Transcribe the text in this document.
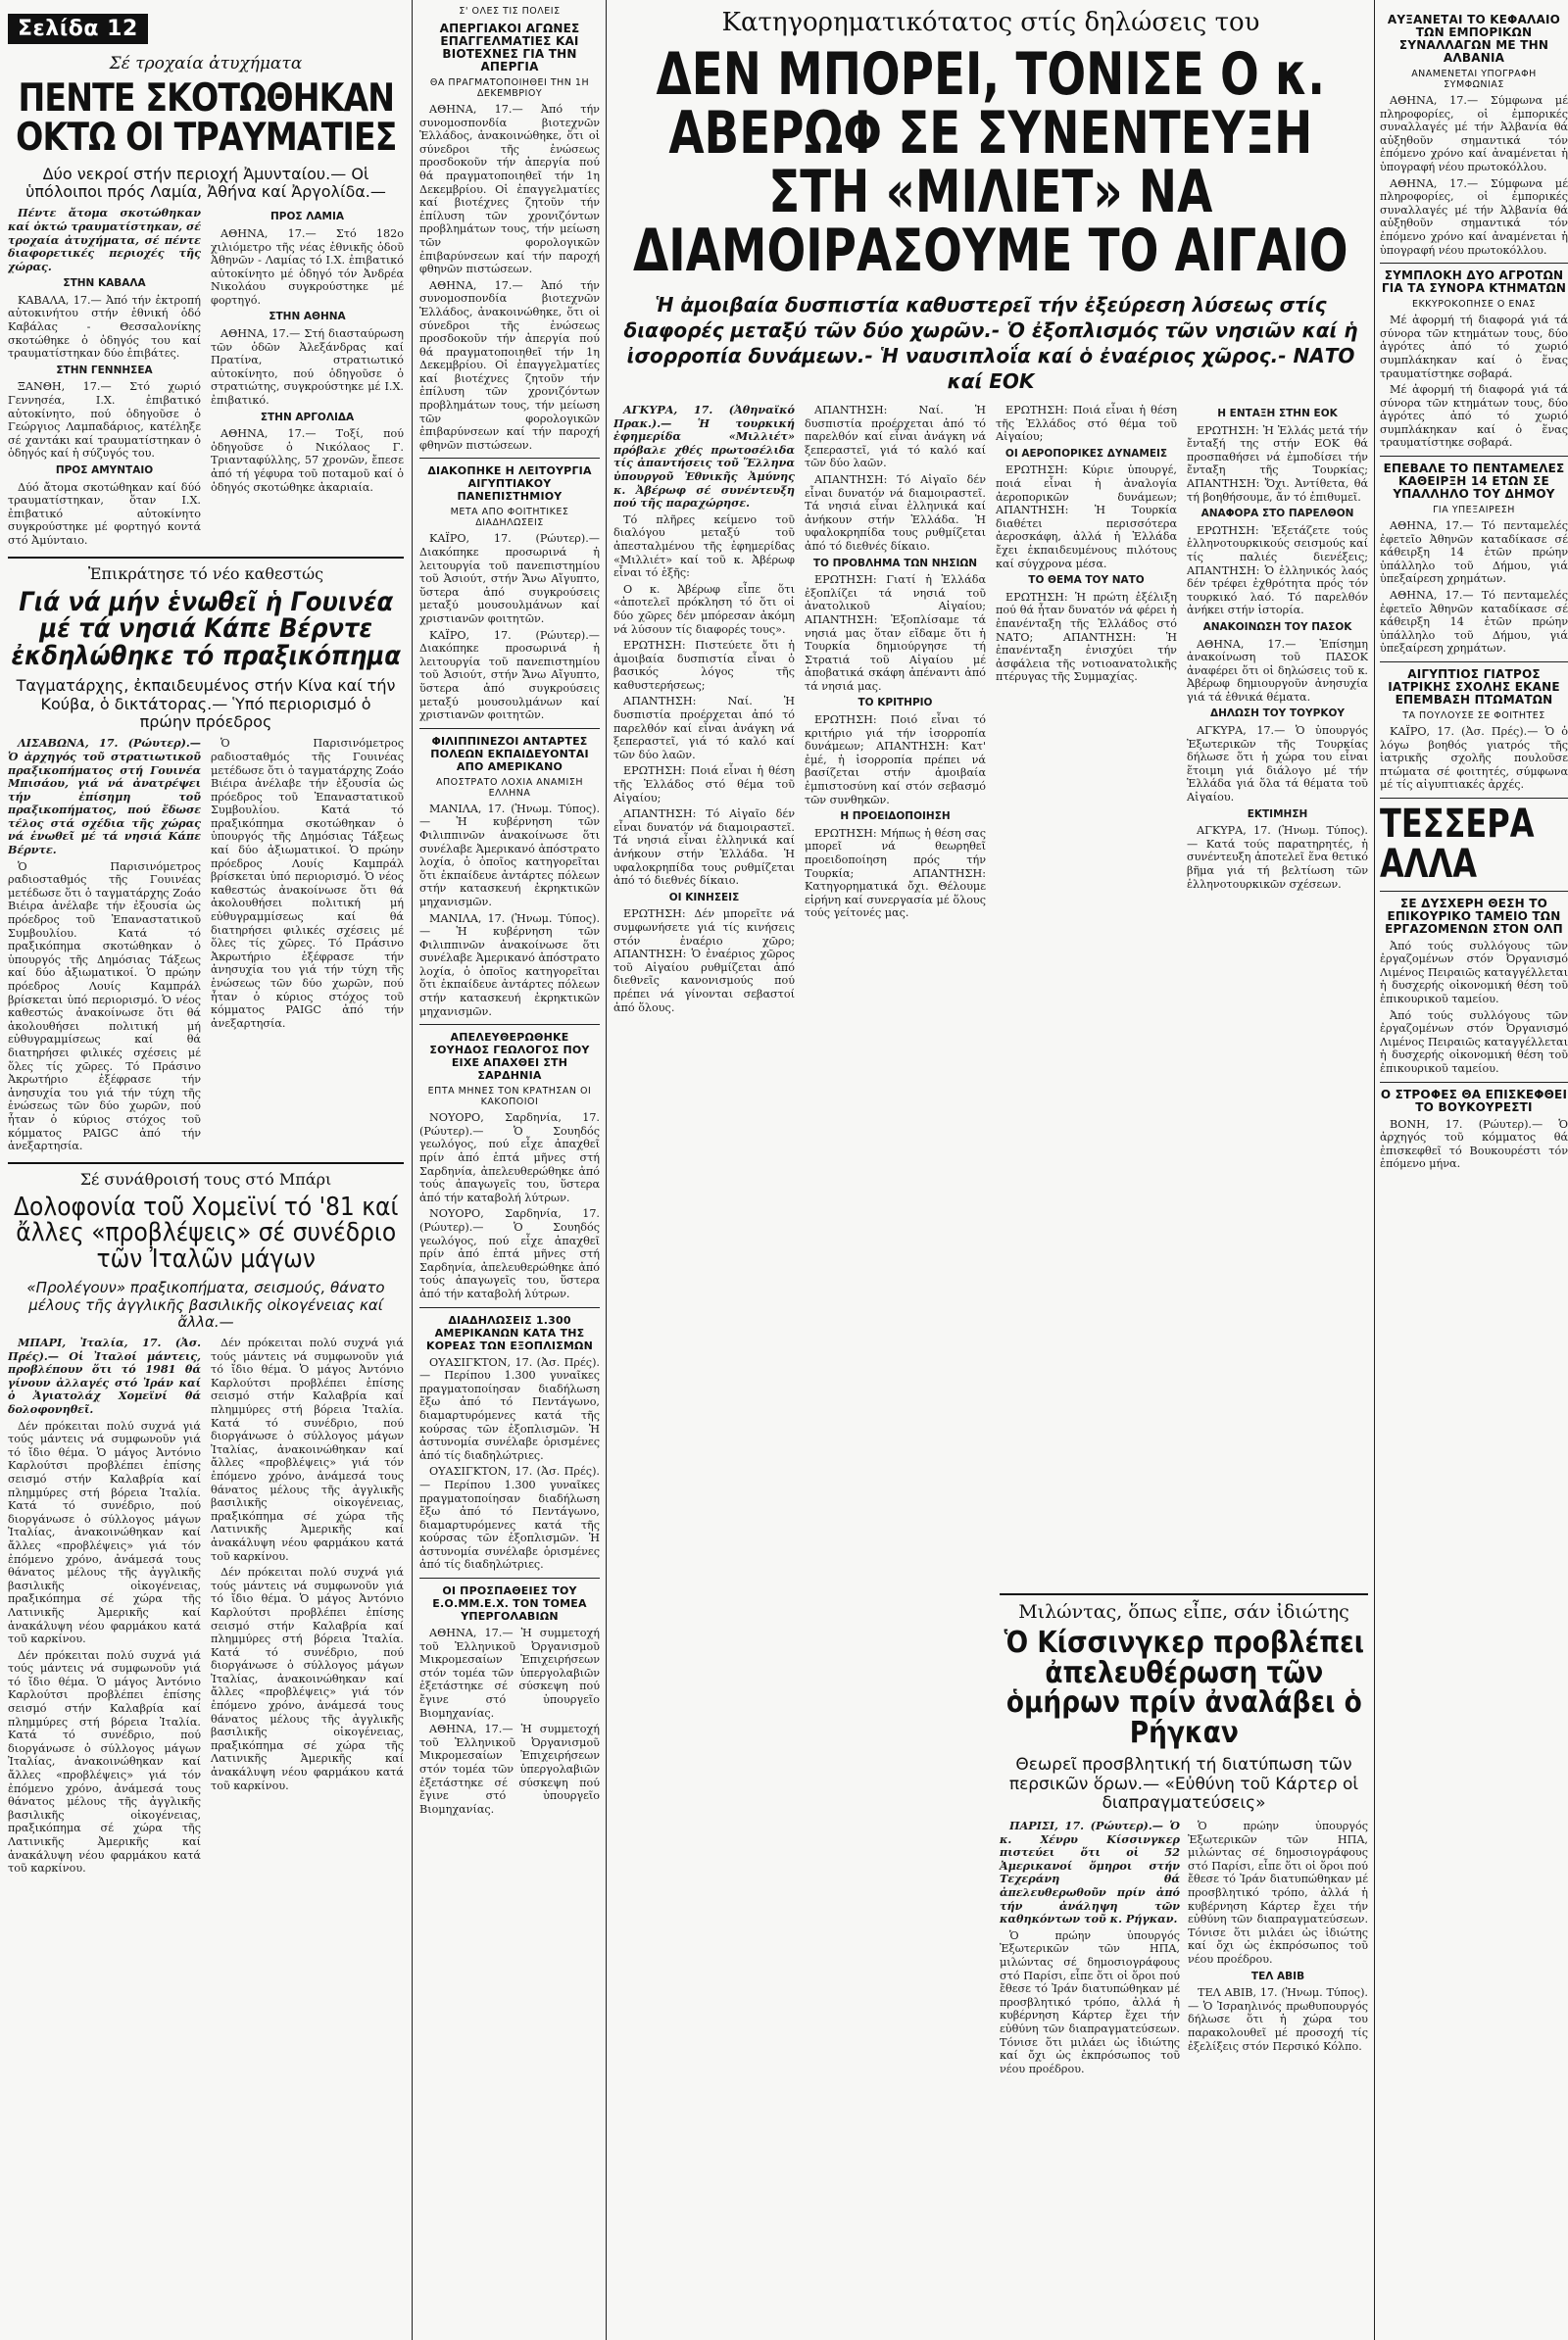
Σελίδα 12
Σέ τροχαία ἀτυχήματα
ΠΕΝΤΕ ΣΚΟΤΩΘΗΚΑΝ ΟΚΤΩ ΟΙ ΤΡΑΥΜΑΤΙΕΣ
Δύο νεκροί στήν περιοχή Ἀμυνταίου.— Οἱ ὑπόλοιποι πρός Λαμία, Ἀθήνα καί Ἀργολίδα.—

Πέντε ἄτομα σκοτώθηκαν καί ὀκτώ τραυματίστηκαν, σέ τροχαία ἀτυχήματα, σέ πέντε διαφορετικές περιοχές τῆς χώρας.

ΣΤΗΝ ΚΑΒΑΛΑ

ΚΑΒΑΛΑ, 17.— Ἀπό τήν ἐκτροπή αὐτοκινήτου στήν ἐθνική ὁδό Καβάλας - Θεσσαλονίκης σκοτώθηκε ὁ ὁδηγός του καί τραυματίστηκαν δύο ἐπιβάτες.

ΣΤΗΝ ΓΕΝΝΗΣΕΑ

ΞΑΝΘΗ, 17.— Στό χωριό Γεννησέα, Ι.Χ. ἐπιβατικό αὐτοκίνητο, πού ὁδηγοῦσε ὁ Γεώργιος Λαμπαδάριος, κατέληξε σέ χαντάκι καί τραυματίστηκαν ὁ ὁδηγός καί ἡ σύζυγός του.

ΠΡΟΣ ΑΜΥΝΤΑΙΟ

Δύό ἄτομα σκοτώθηκαν καί δύό τραυματίστηκαν, ὅταν Ι.Χ. ἐπιβατικό αὐτοκίνητο συγκρούστηκε μέ φορτηγό κοντά στό Ἀμύνταιο.

ΠΡΟΣ ΛΑΜΙΑ

ΑΘΗΝΑ, 17.— Στό 182ο χιλιόμετρο τῆς νέας ἐθνικῆς ὁδοῦ Ἀθηνῶν - Λαμίας τό Ι.Χ. ἐπιβατικό αὐτοκίνητο μέ ὁδηγό τόν Ἀνδρέα Νικολάου συγκρούστηκε μέ φορτηγό.

ΣΤΗΝ ΑΘΗΝΑ

ΑΘΗΝΑ, 17.— Στή διασταύρωση τῶν ὁδῶν Ἀλεξάνδρας καί Πρατίνα, στρατιωτικό αὐτοκίνητο, πού ὁδηγοῦσε ὁ στρατιώτης, συγκρούστηκε μέ Ι.Χ. ἐπιβατικό.

ΣΤΗΝ ΑΡΓΟΛΙΔΑ

ΑΘΗΝΑ, 17.— Τοξί, πού ὁδηγοῦσε ὁ Νικόλαος Γ. Τριανταφύλλης, 57 χρονῶν, ἔπεσε ἀπό τή γέφυρα τοῦ ποταμοῦ καί ὁ ὁδηγός σκοτώθηκε ἀκαριαία.

Ἐπικράτησε τό νέο καθεστώς
Γιά νά μήν ἑνωθεῖ ἡ Γουινέα μέ τά νησιά Κάπε Βέρντε ἐκδηλώθηκε τό πραξικόπημα
Ταγματάρχης, ἐκπαιδευμένος στήν Κίνα καί τήν Κούβα, ὁ δικτάτορας.— Ὑπό περιορισμό ὁ πρώην πρόεδρος

ΛΙΣΑΒΩΝΑ, 17. (Ρώυτερ).— Ὁ ἀρχηγός τοῦ στρατιωτικοῦ πραξικοπήματος στή Γουινέα Μπισάου, γιά νά ἀνατρέψει τήν ἐπίσημη τοῦ πραξικοπήματος, πού ἔδωσε τέλος στά σχέδια τῆς χώρας νά ἑνωθεῖ μέ τά νησιά Κάπε Βέρντε.

Ὁ Παρισινόμετρος ραδιοσταθμός τῆς Γουινέας μετέδωσε ὅτι ὁ ταγματάρχης Ζοάο Βιέιρα ἀνέλαβε τήν ἐξουσία ὡς πρόεδρος τοῦ Ἐπαναστατικοῦ Συμβουλίου. Κατά τό πραξικόπημα σκοτώθηκαν ὁ ὑπουργός τῆς Δημόσιας Τάξεως καί δύο ἀξιωματικοί. Ὁ πρώην πρόεδρος Λουίς Καμπράλ βρίσκεται ὑπό περιορισμό. Ὁ νέος καθεστώς ἀνακοίνωσε ὅτι θά ἀκολουθήσει πολιτική μή εὐθυγραμμίσεως καί θά διατηρήσει φιλικές σχέσεις μέ ὅλες τίς χῶρες. Τό Πράσινο Ἀκρωτήριο ἐξέφρασε τήν ἀνησυχία του γιά τήν τύχη τῆς ἑνώσεως τῶν δύο χωρῶν, πού ἦταν ὁ κύριος στόχος τοῦ κόμματος PAIGC ἀπό τήν ἀνεξαρτησία.

Ὁ Παρισινόμετρος ραδιοσταθμός τῆς Γουινέας μετέδωσε ὅτι ὁ ταγματάρχης Ζοάο Βιέιρα ἀνέλαβε τήν ἐξουσία ὡς πρόεδρος τοῦ Ἐπαναστατικοῦ Συμβουλίου. Κατά τό πραξικόπημα σκοτώθηκαν ὁ ὑπουργός τῆς Δημόσιας Τάξεως καί δύο ἀξιωματικοί. Ὁ πρώην πρόεδρος Λουίς Καμπράλ βρίσκεται ὑπό περιορισμό. Ὁ νέος καθεστώς ἀνακοίνωσε ὅτι θά ἀκολουθήσει πολιτική μή εὐθυγραμμίσεως καί θά διατηρήσει φιλικές σχέσεις μέ ὅλες τίς χῶρες. Τό Πράσινο Ἀκρωτήριο ἐξέφρασε τήν ἀνησυχία του γιά τήν τύχη τῆς ἑνώσεως τῶν δύο χωρῶν, πού ἦταν ὁ κύριος στόχος τοῦ κόμματος PAIGC ἀπό τήν ἀνεξαρτησία.

Σέ συνάθροισή τους στό Μπάρι
Δολοφονία τοῦ Χομεϊνί τό '81 καί ἄλλες «προβλέψεις» σέ συνέδριο τῶν Ἰταλῶν μάγων
«Προλέγουν» πραξικοπήματα, σεισμούς, θάνατο μέλους τῆς ἀγγλικῆς βασιλικῆς οἰκογένειας καί ἄλλα.—

ΜΠΑΡΙ, Ἰταλία, 17. (Ἀσ. Πρές).— Οἱ Ἰταλοί μάντεις, προβλέπουν ὅτι τό 1981 θά γίνουν ἀλλαγές στό Ἰράν καί ὁ Ἀγιατολάχ Χομεϊνί θά δολοφονηθεῖ.

Δέν πρόκειται πολύ συχνά γιά τούς μάντεις νά συμφωνοῦν γιά τό ἴδιο θέμα. Ὁ μάγος Ἀντόνιο Καρλούτσι προβλέπει ἐπίσης σεισμό στήν Καλαβρία καί πλημμύρες στή βόρεια Ἰταλία. Κατά τό συνέδριο, πού διοργάνωσε ὁ σύλλογος μάγων Ἰταλίας, ἀνακοινώθηκαν καί ἄλλες «προβλέψεις» γιά τόν ἐπόμενο χρόνο, ἀνάμεσά τους θάνατος μέλους τῆς ἀγγλικῆς βασιλικῆς οἰκογένειας, πραξικόπημα σέ χώρα τῆς Λατινικῆς Ἀμερικῆς καί ἀνακάλυψη νέου φαρμάκου κατά τοῦ καρκίνου.

Δέν πρόκειται πολύ συχνά γιά τούς μάντεις νά συμφωνοῦν γιά τό ἴδιο θέμα. Ὁ μάγος Ἀντόνιο Καρλούτσι προβλέπει ἐπίσης σεισμό στήν Καλαβρία καί πλημμύρες στή βόρεια Ἰταλία. Κατά τό συνέδριο, πού διοργάνωσε ὁ σύλλογος μάγων Ἰταλίας, ἀνακοινώθηκαν καί ἄλλες «προβλέψεις» γιά τόν ἐπόμενο χρόνο, ἀνάμεσά τους θάνατος μέλους τῆς ἀγγλικῆς βασιλικῆς οἰκογένειας, πραξικόπημα σέ χώρα τῆς Λατινικῆς Ἀμερικῆς καί ἀνακάλυψη νέου φαρμάκου κατά τοῦ καρκίνου.

Δέν πρόκειται πολύ συχνά γιά τούς μάντεις νά συμφωνοῦν γιά τό ἴδιο θέμα. Ὁ μάγος Ἀντόνιο Καρλούτσι προβλέπει ἐπίσης σεισμό στήν Καλαβρία καί πλημμύρες στή βόρεια Ἰταλία. Κατά τό συνέδριο, πού διοργάνωσε ὁ σύλλογος μάγων Ἰταλίας, ἀνακοινώθηκαν καί ἄλλες «προβλέψεις» γιά τόν ἐπόμενο χρόνο, ἀνάμεσά τους θάνατος μέλους τῆς ἀγγλικῆς βασιλικῆς οἰκογένειας, πραξικόπημα σέ χώρα τῆς Λατινικῆς Ἀμερικῆς καί ἀνακάλυψη νέου φαρμάκου κατά τοῦ καρκίνου.

Δέν πρόκειται πολύ συχνά γιά τούς μάντεις νά συμφωνοῦν γιά τό ἴδιο θέμα. Ὁ μάγος Ἀντόνιο Καρλούτσι προβλέπει ἐπίσης σεισμό στήν Καλαβρία καί πλημμύρες στή βόρεια Ἰταλία. Κατά τό συνέδριο, πού διοργάνωσε ὁ σύλλογος μάγων Ἰταλίας, ἀνακοινώθηκαν καί ἄλλες «προβλέψεις» γιά τόν ἐπόμενο χρόνο, ἀνάμεσά τους θάνατος μέλους τῆς ἀγγλικῆς βασιλικῆς οἰκογένειας, πραξικόπημα σέ χώρα τῆς Λατινικῆς Ἀμερικῆς καί ἀνακάλυψη νέου φαρμάκου κατά τοῦ καρκίνου.

Σ' ΟΛΕΣ ΤΙΣ ΠΟΛΕΙΣ
ΑΠΕΡΓΙΑΚΟΙ ΑΓΩΝΕΣ ΕΠΑΓΓΕΛΜΑΤΙΕΣ ΚΑΙ ΒΙΟΤΕΧΝΕΣ ΓΙΑ ΤΗΝ ΑΠΕΡΓΙΑ
ΘΑ ΠΡΑΓΜΑΤΟΠΟΙΗΘΕΙ ΤΗΝ 1Η ΔΕΚΕΜΒΡΙΟΥ

ΑΘΗΝΑ, 17.— Ἀπό τήν συνομοσπονδία βιοτεχνῶν Ἑλλάδος, ἀνακοινώθηκε, ὅτι οἱ σύνεδροι τῆς ἑνώσεως προσδοκοῦν τήν ἀπεργία πού θά πραγματοποιηθεῖ τήν 1η Δεκεμβρίου. Οἱ ἐπαγγελματίες καί βιοτέχνες ζητοῦν τήν ἐπίλυση τῶν χρονιζόντων προβλημάτων τους, τήν μείωση τῶν φορολογικῶν ἐπιβαρύνσεων καί τήν παροχή φθηνῶν πιστώσεων.

ΑΘΗΝΑ, 17.— Ἀπό τήν συνομοσπονδία βιοτεχνῶν Ἑλλάδος, ἀνακοινώθηκε, ὅτι οἱ σύνεδροι τῆς ἑνώσεως προσδοκοῦν τήν ἀπεργία πού θά πραγματοποιηθεῖ τήν 1η Δεκεμβρίου. Οἱ ἐπαγγελματίες καί βιοτέχνες ζητοῦν τήν ἐπίλυση τῶν χρονιζόντων προβλημάτων τους, τήν μείωση τῶν φορολογικῶν ἐπιβαρύνσεων καί τήν παροχή φθηνῶν πιστώσεων.

ΔΙΑΚΟΠΗΚΕ Η ΛΕΙΤΟΥΡΓΙΑ ΑΙΓΥΠΤΙΑΚΟΥ ΠΑΝΕΠΙΣΤΗΜΙΟΥ
ΜΕΤΑ ΑΠΟ ΦΟΙΤΗΤΙΚΕΣ ΔΙΑΔΗΛΩΣΕΙΣ

ΚΑΪΡΟ, 17. (Ρώυτερ).— Διακόπηκε προσωρινά ἡ λειτουργία τοῦ πανεπιστημίου τοῦ Ἀσιούτ, στήν Ἄνω Αἴγυπτο, ὕστερα ἀπό συγκρούσεις μεταξύ μουσουλμάνων καί χριστιανῶν φοιτητῶν.

ΚΑΪΡΟ, 17. (Ρώυτερ).— Διακόπηκε προσωρινά ἡ λειτουργία τοῦ πανεπιστημίου τοῦ Ἀσιούτ, στήν Ἄνω Αἴγυπτο, ὕστερα ἀπό συγκρούσεις μεταξύ μουσουλμάνων καί χριστιανῶν φοιτητῶν.

ΦΙΛΙΠΠΙΝΕΖΟΙ ΑΝΤΑΡΤΕΣ ΠΟΛΕΩΝ ΕΚΠΑΙΔΕΥΟΝΤΑΙ ΑΠΟ ΑΜΕΡΙΚΑΝΟ
ΑΠΟΣΤΡΑΤΟ ΛΟΧΙΑ ΑΝΑΜΙΣΗ ΕΛΛΗΝΑ

ΜΑΝΙΛΑ, 17. (Ἡνωμ. Τύπος).— Ἡ κυβέρνηση τῶν Φιλιππινῶν ἀνακοίνωσε ὅτι συνέλαβε Ἀμερικανό ἀπόστρατο λοχία, ὁ ὁποῖος κατηγορεῖται ὅτι ἐκπαίδευε ἀντάρτες πόλεων στήν κατασκευή ἐκρηκτικῶν μηχανισμῶν.

ΜΑΝΙΛΑ, 17. (Ἡνωμ. Τύπος).— Ἡ κυβέρνηση τῶν Φιλιππινῶν ἀνακοίνωσε ὅτι συνέλαβε Ἀμερικανό ἀπόστρατο λοχία, ὁ ὁποῖος κατηγορεῖται ὅτι ἐκπαίδευε ἀντάρτες πόλεων στήν κατασκευή ἐκρηκτικῶν μηχανισμῶν.

ΑΠΕΛΕΥΘΕΡΩΘΗΚΕ ΣΟΥΗΔΟΣ ΓΕΩΛΟΓΟΣ ΠΟΥ ΕΙΧΕ ΑΠΑΧΘΕΙ ΣΤΗ ΣΑΡΔΗΝΙΑ
ΕΠΤΑ ΜΗΝΕΣ ΤΟΝ ΚΡΑΤΗΣΑΝ ΟΙ ΚΑΚΟΠΟΙΟΙ

ΝΟΥΟΡΟ, Σαρδηνία, 17. (Ρώυτερ).— Ὁ Σουηδός γεωλόγος, πού εἶχε ἀπαχθεῖ πρίν ἀπό ἑπτά μῆνες στή Σαρδηνία, ἀπελευθερώθηκε ἀπό τούς ἀπαγωγεῖς του, ὕστερα ἀπό τήν καταβολή λύτρων.

ΝΟΥΟΡΟ, Σαρδηνία, 17. (Ρώυτερ).— Ὁ Σουηδός γεωλόγος, πού εἶχε ἀπαχθεῖ πρίν ἀπό ἑπτά μῆνες στή Σαρδηνία, ἀπελευθερώθηκε ἀπό τούς ἀπαγωγεῖς του, ὕστερα ἀπό τήν καταβολή λύτρων.

ΔΙΑΔΗΛΩΣΕΙΣ 1.300 ΑΜΕΡΙΚΑΝΩΝ ΚΑΤΑ ΤΗΣ ΚΟΡΕΑΣ ΤΩΝ ΕΞΟΠΛΙΣΜΩΝ

ΟΥΑΣΙΓΚΤΟΝ, 17. (Ἀσ. Πρές).— Περίπου 1.300 γυναῖκες πραγματοποίησαν διαδήλωση ἔξω ἀπό τό Πεντάγωνο, διαμαρτυρόμενες κατά τῆς κούρσας τῶν ἐξοπλισμῶν. Ἡ ἀστυνομία συνέλαβε ὁρισμένες ἀπό τίς διαδηλώτριες.

ΟΥΑΣΙΓΚΤΟΝ, 17. (Ἀσ. Πρές).— Περίπου 1.300 γυναῖκες πραγματοποίησαν διαδήλωση ἔξω ἀπό τό Πεντάγωνο, διαμαρτυρόμενες κατά τῆς κούρσας τῶν ἐξοπλισμῶν. Ἡ ἀστυνομία συνέλαβε ὁρισμένες ἀπό τίς διαδηλώτριες.

ΟΙ ΠΡΟΣΠΑΘΕΙΕΣ ΤΟΥ Ε.Ο.ΜΜ.Ε.Χ. ΤΟΝ ΤΟΜΕΑ ΥΠΕΡΓΟΛΑΒΙΩΝ

ΑΘΗΝΑ, 17.— Ἡ συμμετοχή τοῦ Ἑλληνικοῦ Ὀργανισμοῦ Μικρομεσαίων Ἐπιχειρήσεων στόν τομέα τῶν ὑπεργολαβιῶν ἐξετάστηκε σέ σύσκεψη πού ἔγινε στό ὑπουργεῖο Βιομηχανίας.

ΑΘΗΝΑ, 17.— Ἡ συμμετοχή τοῦ Ἑλληνικοῦ Ὀργανισμοῦ Μικρομεσαίων Ἐπιχειρήσεων στόν τομέα τῶν ὑπεργολαβιῶν ἐξετάστηκε σέ σύσκεψη πού ἔγινε στό ὑπουργεῖο Βιομηχανίας.

Κατηγορηματικότατος στίς δηλώσεις του
ΔΕΝ ΜΠΟΡΕΙ, ΤΟΝΙΣΕ Ο κ. ΑΒΕΡΩΦ ΣΕ ΣΥΝΕΝΤΕΥΞΗ ΣΤΗ «ΜΙΛΙΕΤ» ΝΑ ΔΙΑΜΟΙΡΑΣΟΥΜΕ ΤΟ ΑΙΓΑΙΟ
Ἡ ἀμοιβαία δυσπιστία καθυστερεῖ τήν ἐξεύρεση λύσεως στίς διαφορές μεταξύ τῶν δύο χωρῶν.- Ὁ ἐξοπλισμός τῶν νησιῶν καί ἡ ἰσορροπία δυνάμεων.- Ἡ ναυσιπλοΐα καί ὁ ἐναέριος χῶρος.- ΝΑΤΟ καί ΕΟΚ

ΑΓΚΥΡΑ, 17. (Ἀθηναϊκό Πρακ.).— Ἡ τουρκική ἐφημερίδα «Μιλλιέτ» πρόβαλε χθές πρωτοσέλιδα τίς ἀπαντήσεις τοῦ Ἕλληνα ὑπουργοῦ Ἐθνικῆς Ἀμύνης κ. Ἀβέρωφ σέ συνέντευξη πού τῆς παραχώρησε.

Τό πλῆρες κείμενο τοῦ διαλόγου μεταξύ τοῦ ἀπεσταλμένου τῆς ἐφημερίδας «Μιλλιέτ» καί τοῦ κ. Ἀβέρωφ εἶναι τό ἑξῆς:

Ο κ. Ἀβέρωφ εἶπε ὅτι «ἀποτελεῖ πρόκληση τό ὅτι οἱ δύο χῶρες δέν μπόρεσαν ἀκόμη νά λύσουν τίς διαφορές τους».

ΕΡΩΤΗΣΗ: Πιστεύετε ὅτι ἡ ἀμοιβαία δυσπιστία εἶναι ὁ βασικός λόγος τῆς καθυστερήσεως;

ΑΠΑΝΤΗΣΗ: Ναί. Ἡ δυσπιστία προέρχεται ἀπό τό παρελθόν καί εἶναι ἀνάγκη νά ξεπεραστεῖ, γιά τό καλό καί τῶν δύο λαῶν.

ΕΡΩΤΗΣΗ: Ποιά εἶναι ἡ θέση τῆς Ἑλλάδος στό θέμα τοῦ Αἰγαίου;

ΑΠΑΝΤΗΣΗ: Τό Αἰγαῖο δέν εἶναι δυνατόν νά διαμοιραστεῖ. Τά νησιά εἶναι ἑλληνικά καί ἀνήκουν στήν Ἑλλάδα. Ἡ υφαλοκρηπίδα τους ρυθμίζεται ἀπό τό διεθνές δίκαιο.

ΟΙ ΚΙΝΗΣΕΙΣ

ΕΡΩΤΗΣΗ: Δέν μπορεῖτε νά συμφωνήσετε γιά τίς κινήσεις στόν ἐναέριο χῶρο; ΑΠΑΝΤΗΣΗ: Ὁ ἐναέριος χῶρος τοῦ Αἰγαίου ρυθμίζεται ἀπό διεθνεῖς κανονισμούς πού πρέπει νά γίνονται σεβαστοί ἀπό ὅλους.

ΑΠΑΝΤΗΣΗ: Ναί. Ἡ δυσπιστία προέρχεται ἀπό τό παρελθόν καί εἶναι ἀνάγκη νά ξεπεραστεῖ, γιά τό καλό καί τῶν δύο λαῶν.

ΑΠΑΝΤΗΣΗ: Τό Αἰγαῖο δέν εἶναι δυνατόν νά διαμοιραστεῖ. Τά νησιά εἶναι ἑλληνικά καί ἀνήκουν στήν Ἑλλάδα. Ἡ υφαλοκρηπίδα τους ρυθμίζεται ἀπό τό διεθνές δίκαιο.

ΤΟ ΠΡΟΒΛΗΜΑ ΤΩΝ ΝΗΣΙΩΝ

ΕΡΩΤΗΣΗ: Γιατί ἡ Ἑλλάδα ἐξοπλίζει τά νησιά τοῦ ἀνατολικοῦ Αἰγαίου; ΑΠΑΝΤΗΣΗ: Ἐξοπλίσαμε τά νησιά μας ὅταν εἴδαμε ὅτι ἡ Τουρκία δημιούργησε τή Στρατιά τοῦ Αἰγαίου μέ ἀποβατικά σκάφη ἀπέναντι ἀπό τά νησιά μας.

ΤΟ ΚΡΙΤΗΡΙΟ

ΕΡΩΤΗΣΗ: Ποιό εἶναι τό κριτήριο γιά τήν ἰσορροπία δυνάμεων; ΑΠΑΝΤΗΣΗ: Κατ' ἐμέ, ἡ ἰσορροπία πρέπει νά βασίζεται στήν ἀμοιβαία ἐμπιστοσύνη καί στόν σεβασμό τῶν συνθηκῶν.

Η ΠΡΟΕΙΔΟΠΟΙΗΣΗ

ΕΡΩΤΗΣΗ: Μήπως ἡ θέση σας μπορεῖ νά θεωρηθεῖ προειδοποίηση πρός τήν Τουρκία; ΑΠΑΝΤΗΣΗ: Κατηγορηματικά ὄχι. Θέλουμε εἰρήνη καί συνεργασία μέ ὅλους τούς γείτονές μας.

ΕΡΩΤΗΣΗ: Ποιά εἶναι ἡ θέση τῆς Ἑλλάδος στό θέμα τοῦ Αἰγαίου;

ΟΙ ΑΕΡΟΠΟΡΙΚΕΣ ΔΥΝΑΜΕΙΣ

ΕΡΩΤΗΣΗ: Κύριε ὑπουργέ, ποιά εἶναι ἡ ἀναλογία ἀεροπορικῶν δυνάμεων; ΑΠΑΝΤΗΣΗ: Ἡ Τουρκία διαθέτει περισσότερα ἀεροσκάφη, ἀλλά ἡ Ἑλλάδα ἔχει ἐκπαιδευμένους πιλότους καί σύγχρονα μέσα.

ΤΟ ΘΕΜΑ ΤΟΥ ΝΑΤΟ

ΕΡΩΤΗΣΗ: Ἡ πρώτη ἐξέλιξη πού θά ἦταν δυνατόν νά φέρει ἡ ἐπανένταξη τῆς Ἑλλάδος στό ΝΑΤΟ; ΑΠΑΝΤΗΣΗ: Ἡ ἐπανένταξη ἐνισχύει τήν ἀσφάλεια τῆς νοτιοανατολικῆς πτέρυγας τῆς Συμμαχίας.

Η ΕΝΤΑΞΗ ΣΤΗΝ ΕΟΚ

ΕΡΩΤΗΣΗ: Ἡ Ἑλλάς μετά τήν ἔνταξή της στήν ΕΟΚ θά προσπαθήσει νά ἐμποδίσει τήν ἔνταξη τῆς Τουρκίας; ΑΠΑΝΤΗΣΗ: Ὄχι. Ἀντίθετα, θά τή βοηθήσουμε, ἄν τό ἐπιθυμεῖ.

ΑΝΑΦΟΡΑ ΣΤΟ ΠΑΡΕΛΘΟΝ

ΕΡΩΤΗΣΗ: Ἐξετάζετε τούς ἑλληνοτουρκικούς σεισμούς καί τίς παλιές διενέξεις; ΑΠΑΝΤΗΣΗ: Ὁ ἑλληνικός λαός δέν τρέφει ἐχθρότητα πρός τόν τουρκικό λαό. Τό παρελθόν ἀνήκει στήν ἱστορία.

ΑΝΑΚΟΙΝΩΣΗ ΤΟΥ ΠΑΣΟΚ

ΑΘΗΝΑ, 17.— Ἐπίσημη ἀνακοίνωση τοῦ ΠΑΣΟΚ ἀναφέρει ὅτι οἱ δηλώσεις τοῦ κ. Ἀβέρωφ δημιουργοῦν ἀνησυχία γιά τά ἐθνικά θέματα.

ΔΗΛΩΣΗ ΤΟΥ ΤΟΥΡΚΟΥ

ΑΓΚΥΡΑ, 17.— Ὁ ὑπουργός Ἐξωτερικῶν τῆς Τουρκίας δήλωσε ὅτι ἡ χώρα του εἶναι ἕτοιμη γιά διάλογο μέ τήν Ἑλλάδα γιά ὅλα τά θέματα τοῦ Αἰγαίου.

ΕΚΤΙΜΗΣΗ

ΑΓΚΥΡΑ, 17. (Ἡνωμ. Τύπος).— Κατά τούς παρατηρητές, ἡ συνέντευξη ἀποτελεῖ ἕνα θετικό βῆμα γιά τή βελτίωση τῶν ἑλληνοτουρκικῶν σχέσεων.

Μιλώντας, ὅπως εἶπε, σάν ἰδιώτης
Ὁ Κίσσινγκερ προβλέπει ἀπελευθέρωση τῶν ὁμήρων πρίν ἀναλάβει ὁ Ρήγκαν
Θεωρεῖ προσβλητική τή διατύπωση τῶν περσικῶν ὅρων.— «Εὐθύνη τοῦ Κάρτερ οἱ διαπραγματεύσεις»

ΠΑΡΙΣΙ, 17. (Ρώυτερ).— Ὁ κ. Χένρυ Κίσσινγκερ πιστεύει ὅτι οἱ 52 Ἀμερικανοί ὅμηροι στήν Τεχεράνη θά ἀπελευθερωθοῦν πρίν ἀπό τήν ἀνάληψη τῶν καθηκόντων τοῦ κ. Ρήγκαν.

Ὁ πρώην ὑπουργός Ἐξωτερικῶν τῶν ΗΠΑ, μιλώντας σέ δημοσιογράφους στό Παρίσι, εἶπε ὅτι οἱ ὅροι πού ἔθεσε τό Ἰράν διατυπώθηκαν μέ προσβλητικό τρόπο, ἀλλά ἡ κυβέρνηση Κάρτερ ἔχει τήν εὐθύνη τῶν διαπραγματεύσεων. Τόνισε ὅτι μιλάει ὡς ἰδιώτης καί ὄχι ὡς ἐκπρόσωπος τοῦ νέου προέδρου.

Ὁ πρώην ὑπουργός Ἐξωτερικῶν τῶν ΗΠΑ, μιλώντας σέ δημοσιογράφους στό Παρίσι, εἶπε ὅτι οἱ ὅροι πού ἔθεσε τό Ἰράν διατυπώθηκαν μέ προσβλητικό τρόπο, ἀλλά ἡ κυβέρνηση Κάρτερ ἔχει τήν εὐθύνη τῶν διαπραγματεύσεων. Τόνισε ὅτι μιλάει ὡς ἰδιώτης καί ὄχι ὡς ἐκπρόσωπος τοῦ νέου προέδρου.

ΤΕΛ ΑΒΙΒ

ΤΕΛ ΑΒΙΒ, 17. (Ἡνωμ. Τύπος).— Ὁ Ἰσραηλινός πρωθυπουργός δήλωσε ὅτι ἡ χώρα του παρακολουθεῖ μέ προσοχή τίς ἐξελίξεις στόν Περσικό Κόλπο.

ΑΥΞΑΝΕΤΑΙ ΤΟ ΚΕΦΑΛΑΙΟ ΤΩΝ ΕΜΠΟΡΙΚΩΝ ΣΥΝΑΛΛΑΓΩΝ ΜΕ ΤΗΝ ΑΛΒΑΝΙΑ
ΑΝΑΜΕΝΕΤΑΙ ΥΠΟΓΡΑΦΗ ΣΥΜΦΩΝΙΑΣ

ΑΘΗΝΑ, 17.— Σύμφωνα μέ πληροφορίες, οἱ ἐμπορικές συναλλαγές μέ τήν Ἀλβανία θά αὐξηθοῦν σημαντικά τόν ἐπόμενο χρόνο καί ἀναμένεται ἡ ὑπογραφή νέου πρωτοκόλλου.

ΑΘΗΝΑ, 17.— Σύμφωνα μέ πληροφορίες, οἱ ἐμπορικές συναλλαγές μέ τήν Ἀλβανία θά αὐξηθοῦν σημαντικά τόν ἐπόμενο χρόνο καί ἀναμένεται ἡ ὑπογραφή νέου πρωτοκόλλου.

ΣΥΜΠΛΟΚΗ ΔΥΟ ΑΓΡΟΤΩΝ ΓΙΑ ΤΑ ΣΥΝΟΡΑ ΚΤΗΜΑΤΩΝ
ΕΚΚΥΡΟΚΟΠΗΣΕ Ο ΕΝΑΣ

Μέ ἀφορμή τή διαφορά γιά τά σύνορα τῶν κτημάτων τους, δύο ἀγρότες ἀπό τό χωριό συμπλάκηκαν καί ὁ ἕνας τραυματίστηκε σοβαρά.

Μέ ἀφορμή τή διαφορά γιά τά σύνορα τῶν κτημάτων τους, δύο ἀγρότες ἀπό τό χωριό συμπλάκηκαν καί ὁ ἕνας τραυματίστηκε σοβαρά.

ΕΠΕΒΑΛΕ ΤΟ ΠΕΝΤΑΜΕΛΕΣ ΚΑΘΕΙΡΞΗ 14 ΕΤΩΝ ΣΕ ΥΠΑΛΛΗΛΟ ΤΟΥ ΔΗΜΟΥ
ΓΙΑ ΥΠΕΞΑΙΡΕΣΗ

ΑΘΗΝΑ, 17.— Τό πενταμελές ἐφετεῖο Ἀθηνῶν καταδίκασε σέ κάθειρξη 14 ἐτῶν πρώην ὑπάλληλο τοῦ Δήμου, γιά ὑπεξαίρεση χρημάτων.

ΑΘΗΝΑ, 17.— Τό πενταμελές ἐφετεῖο Ἀθηνῶν καταδίκασε σέ κάθειρξη 14 ἐτῶν πρώην ὑπάλληλο τοῦ Δήμου, γιά ὑπεξαίρεση χρημάτων.

ΑΙΓΥΠΤΙΟΣ ΓΙΑΤΡΟΣ ΙΑΤΡΙΚΗΣ ΣΧΟΛΗΣ ΕΚΑΝΕ ΕΠΕΜΒΑΣΗ ΠΤΩΜΑΤΩΝ
ΤΑ ΠΟΥΛΟΥΣΕ ΣΕ ΦΟΙΤΗΤΕΣ

ΚΑΪΡΟ, 17. (Ἀσ. Πρές).— Ὁ ὁ λόγω βοηθός γιατρός τῆς ἰατρικῆς σχολῆς πουλοῦσε πτώματα σέ φοιτητές, σύμφωνα μέ τίς αἰγυπτιακές ἀρχές.

ΤΕΣΣΕΡΑ
ΑΛΛΑ
ΣΕ ΔΥΣΧΕΡΗ ΘΕΣΗ ΤΟ ΕΠΙΚΟΥΡΙΚΟ ΤΑΜΕΙΟ ΤΩΝ ΕΡΓΑΖΟΜΕΝΩΝ ΣΤΟΝ ΟΛΠ

Ἀπό τούς συλλόγους τῶν ἐργαζομένων στόν Ὀργανισμό Λιμένος Πειραιῶς καταγγέλλεται ἡ δυσχερής οἰκονομική θέση τοῦ ἐπικουρικοῦ ταμείου.

Ἀπό τούς συλλόγους τῶν ἐργαζομένων στόν Ὀργανισμό Λιμένος Πειραιῶς καταγγέλλεται ἡ δυσχερής οἰκονομική θέση τοῦ ἐπικουρικοῦ ταμείου.

Ο ΣΤΡΟΦΕΣ ΘΑ ΕΠΙΣΚΕΦΘΕΙ ΤΟ ΒΟΥΚΟΥΡΕΣΤΙ

ΒΟΝΗ, 17. (Ρώυτερ).— Ὁ ἀρχηγός τοῦ κόμματος θά ἐπισκεφθεῖ τό Βουκουρέστι τόν ἐπόμενο μήνα.
